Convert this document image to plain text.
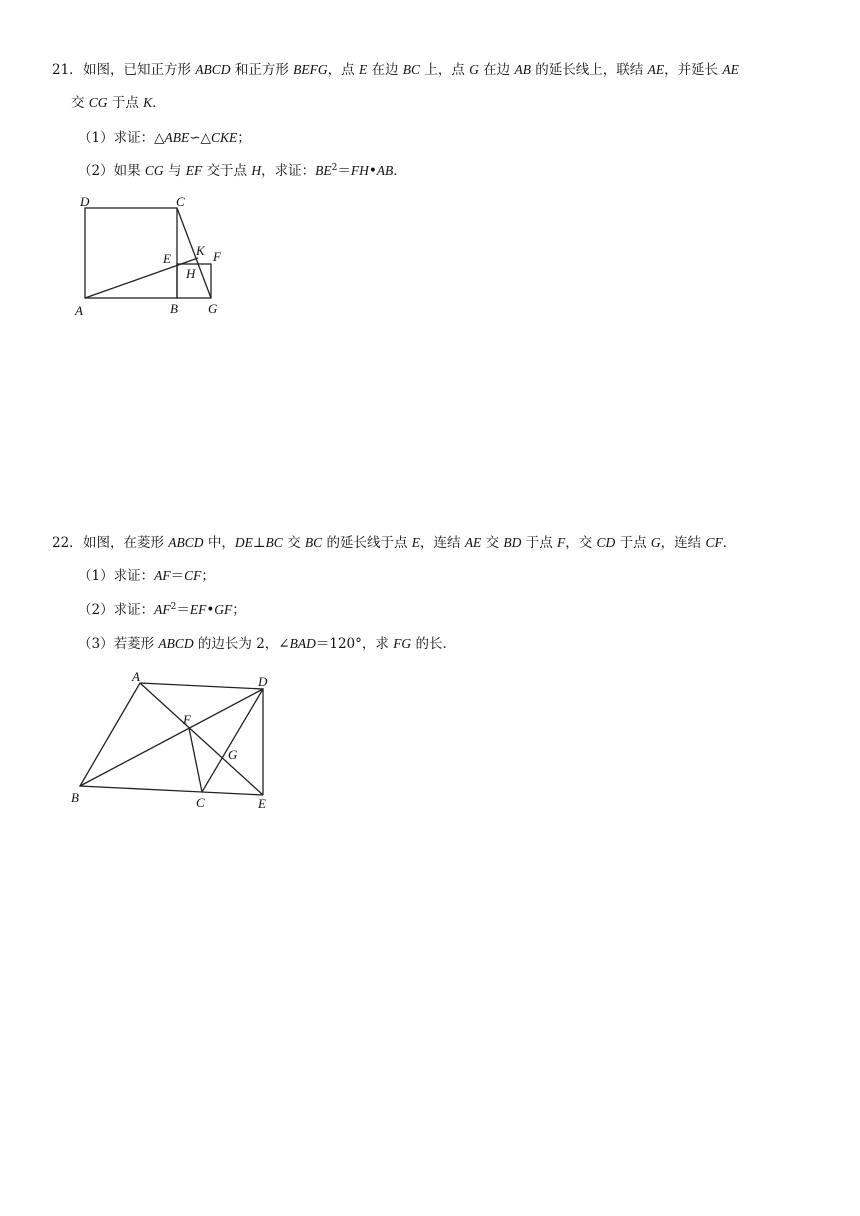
21． 如图，已知正方形 ABCD 和正方形 BEFG，点 E 在边 BC 上，点 G 在边 AB 的延长线上，联结 AE，并延长 AE
交 CG 于点 K．
（1）求证：△ABE∽△CKE；
（2）如果 CG 与 EF 交于点 H，求证：$BE^2=FH•AB$．
D	C
E
K F
H
A	B G
22． 如图，在菱形 ABCD 中，DE⊥BC 交 BC 的延长线于点 E，连结 AE 交 BD 于点 F，交 CD 于点 G，连结 CF．
（1）求证：AF＝CF；
（2）求证：$AF^2=EF•GF$；
（3）若菱形 ABCD 的边长为 2，∠BAD＝120°，求 FG 的长．
A	D
F
G
B	C	E
